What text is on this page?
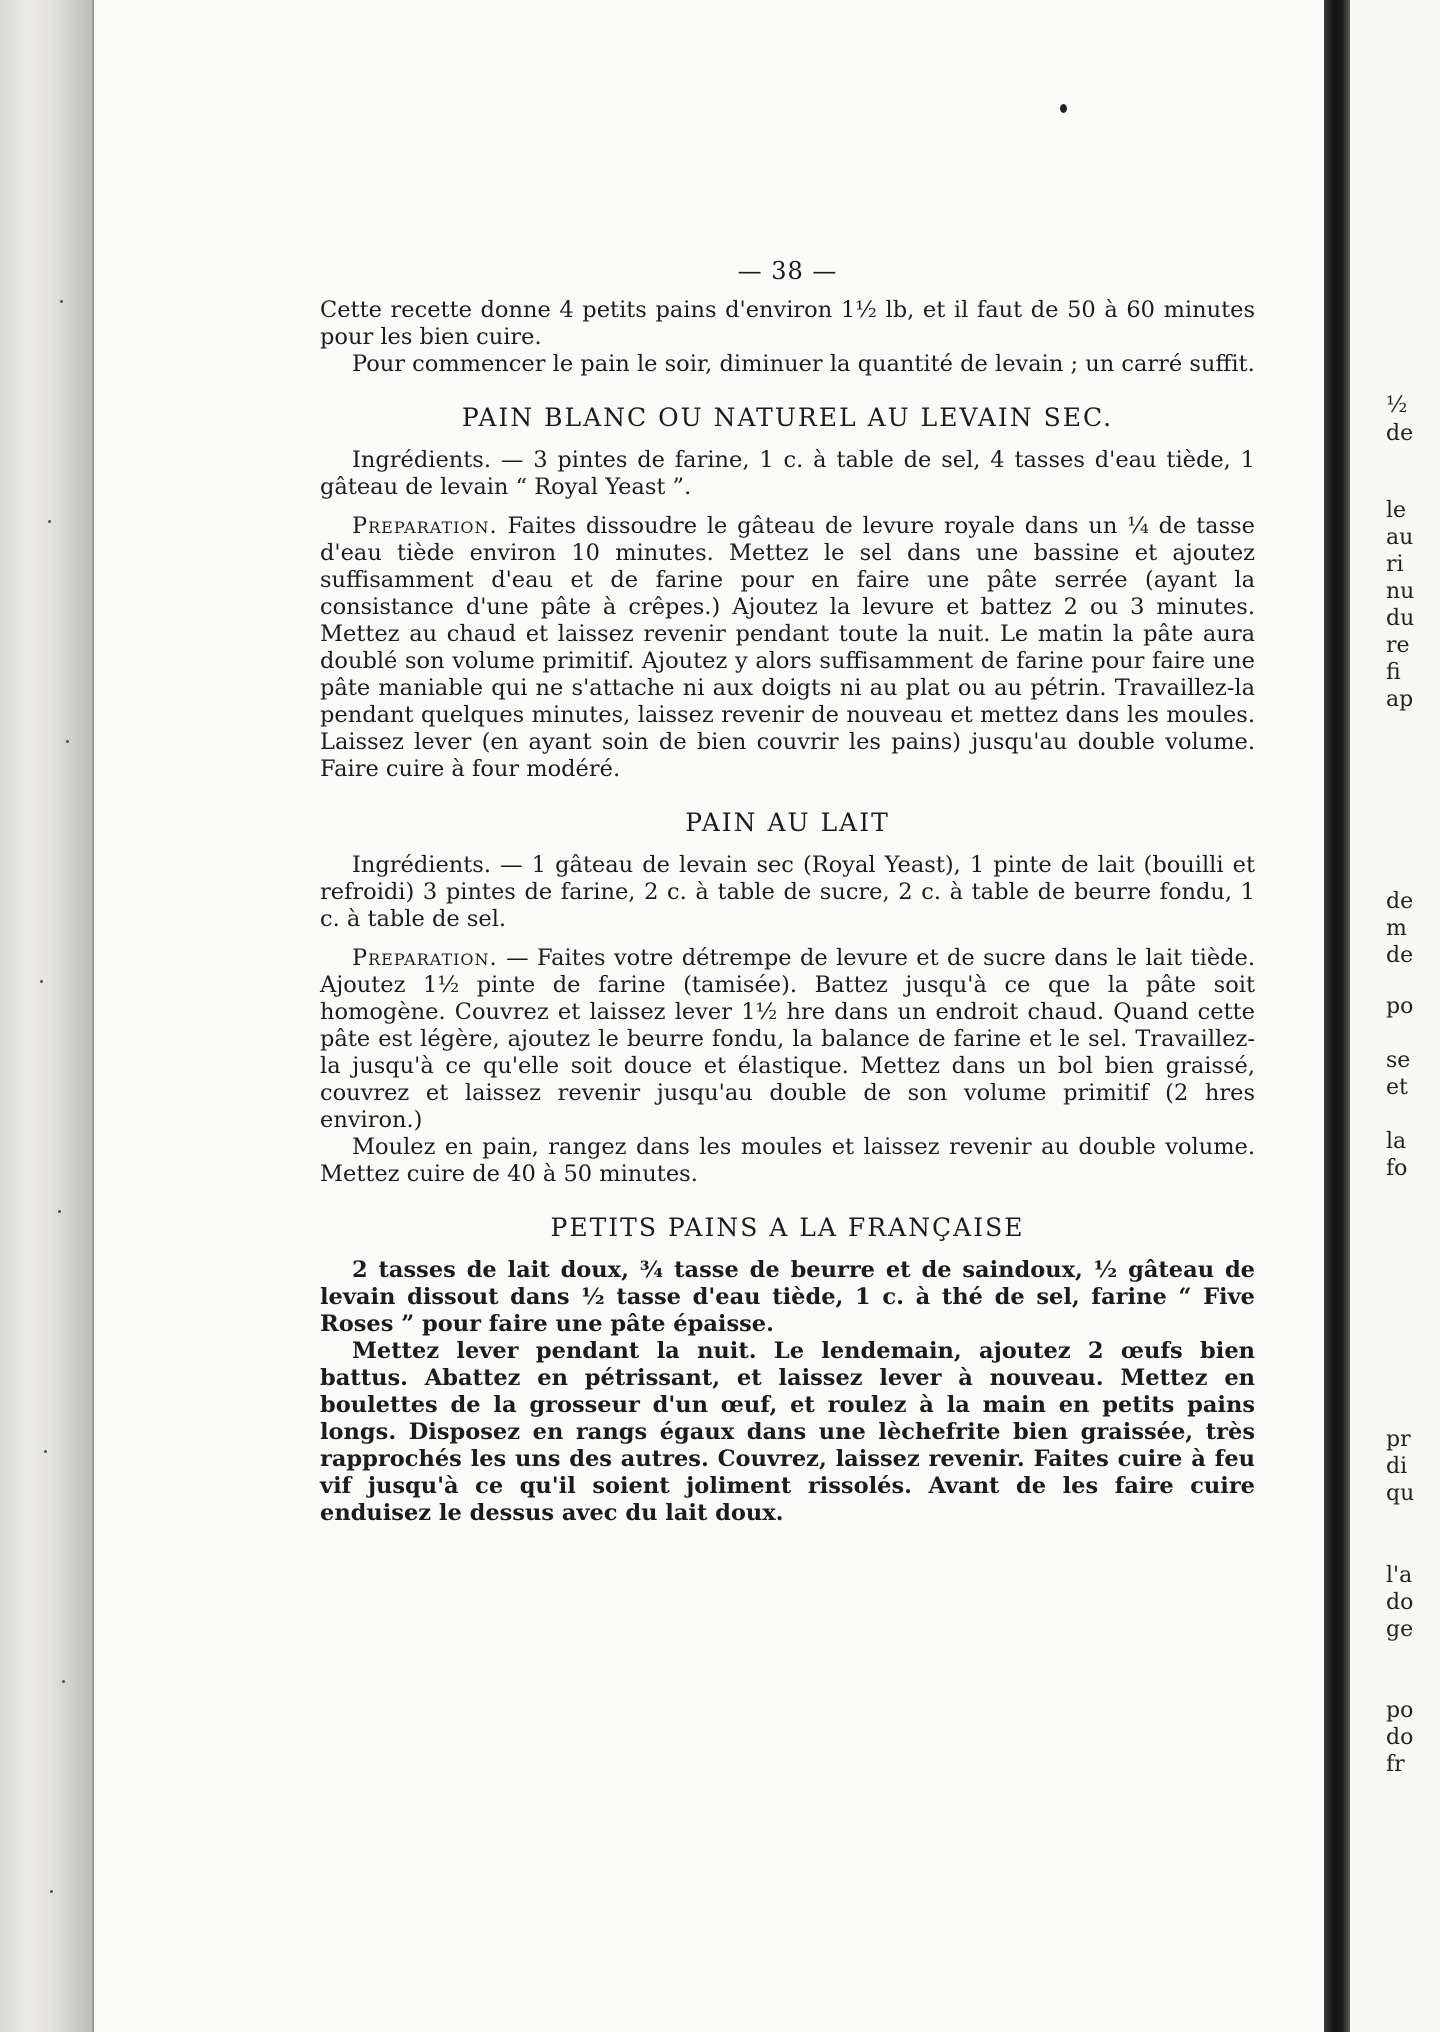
— 38 —

Cette recette donne 4 petits pains d'environ 1½ lb, et il faut de 50 à 60 minutes pour les bien cuire.

Pour commencer le pain le soir, diminuer la quantité de levain ; un carré suffit.

PAIN BLANC OU NATUREL AU LEVAIN SEC.

Ingrédients. — 3 pintes de farine, 1 c. à table de sel, 4 tasses d'eau tiède, 1 gâteau de levain “ Royal Yeast ”.

Preparation. Faites dissoudre le gâteau de levure royale dans un ¼ de tasse d'eau tiède environ 10 minutes. Mettez le sel dans une bassine et ajoutez suffisamment d'eau et de farine pour en faire une pâte serrée (ayant la consistance d'une pâte à crêpes.) Ajoutez la levure et battez 2 ou 3 minutes. Mettez au chaud et laissez revenir pendant toute la nuit. Le matin la pâte aura doublé son volume primitif. Ajoutez y alors suffisamment de farine pour faire une pâte maniable qui ne s'attache ni aux doigts ni au plat ou au pétrin. Travaillez-la pendant quelques minutes, laissez revenir de nouveau et mettez dans les moules. Laissez lever (en ayant soin de bien couvrir les pains) jusqu'au double volume. Faire cuire à four modéré.

PAIN AU LAIT

Ingrédients. — 1 gâteau de levain sec (Royal Yeast), 1 pinte de lait (bouilli et refroidi) 3 pintes de farine, 2 c. à table de sucre, 2 c. à table de beurre fondu, 1 c. à table de sel.

Preparation. — Faites votre détrempe de levure et de sucre dans le lait tiède. Ajoutez 1½ pinte de farine (tamisée). Battez jusqu'à ce que la pâte soit homogène. Couvrez et laissez lever 1½ hre dans un endroit chaud. Quand cette pâte est légère, ajoutez le beurre fondu, la balance de farine et le sel. Travaillez-la jusqu'à ce qu'elle soit douce et élastique. Mettez dans un bol bien graissé, couvrez et laissez revenir jusqu'au double de son volume primitif (2 hres environ.)

Moulez en pain, rangez dans les moules et laissez revenir au double volume. Mettez cuire de 40 à 50 minutes.

PETITS PAINS A LA FRANÇAISE

2 tasses de lait doux, ¾ tasse de beurre et de saindoux, ½ gâteau de levain dissout dans ½ tasse d'eau tiède, 1 c. à thé de sel, farine “ Five Roses ” pour faire une pâte épaisse.

Mettez lever pendant la nuit. Le lendemain, ajoutez 2 œufs bien battus. Abattez en pétrissant, et laissez lever à nouveau. Mettez en boulettes de la grosseur d'un œuf, et roulez à la main en petits pains longs. Disposez en rangs égaux dans une lèchefrite bien graissée, très rapprochés les uns des autres. Couvrez, laissez revenir. Faites cuire à feu vif jusqu'à ce qu'il soient joliment rissolés. Avant de les faire cuire enduisez le dessus avec du lait doux.

½
de
le
au
ri
nu
du
re
fi
ap
de
m
de
po
se
et
la
fo
pr
di
qu
l'a
do
ge
po
do
fr
